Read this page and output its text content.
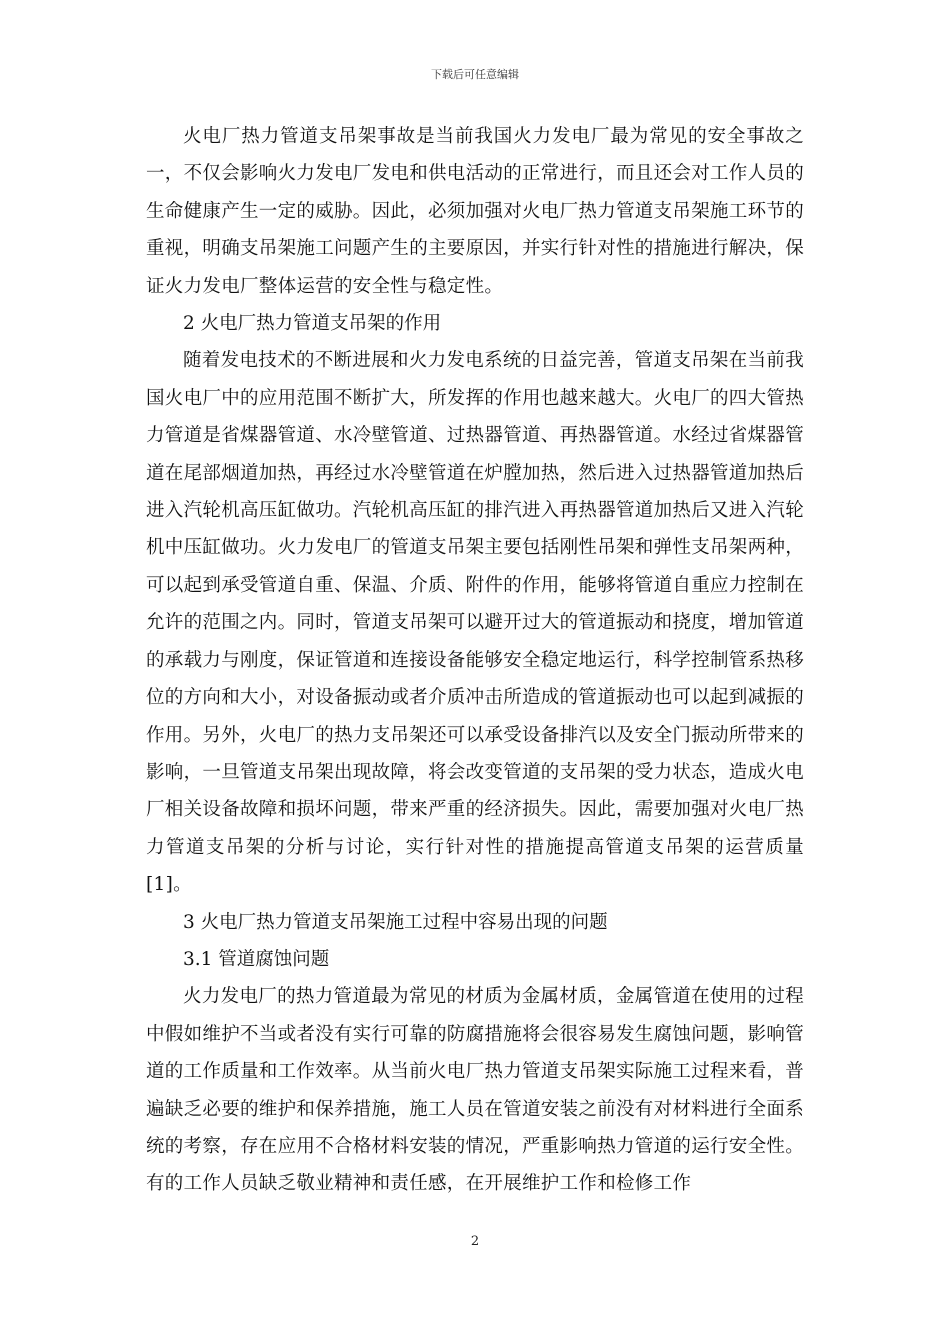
下载后可任意编辑

火电厂热力管道支吊架事故是当前我国火力发电厂最为常见的安全事故之一，不仅会影响火力发电厂发电和供电活动的正常进行，而且还会对工作人员的生命健康产生一定的威胁。因此，必须加强对火电厂热力管道支吊架施工环节的重视，明确支吊架施工问题产生的主要原因，并实行针对性的措施进行解决，保证火力发电厂整体运营的安全性与稳定性。

2 火电厂热力管道支吊架的作用

随着发电技术的不断进展和火力发电系统的日益完善，管道支吊架在当前我国火电厂中的应用范围不断扩大，所发挥的作用也越来越大。火电厂的四大管热力管道是省煤器管道、水冷壁管道、过热器管道、再热器管道。水经过省煤器管道在尾部烟道加热，再经过水冷壁管道在炉膛加热，然后进入过热器管道加热后进入汽轮机高压缸做功。汽轮机高压缸的排汽进入再热器管道加热后又进入汽轮机中压缸做功。火力发电厂的管道支吊架主要包括刚性吊架和弹性支吊架两种，可以起到承受管道自重、保温、介质、附件的作用，能够将管道自重应力控制在允许的范围之内。同时，管道支吊架可以避开过大的管道振动和挠度，增加管道的承载力与刚度，保证管道和连接设备能够安全稳定地运行，科学控制管系热移位的方向和大小，对设备振动或者介质冲击所造成的管道振动也可以起到减振的作用。另外，火电厂的热力支吊架还可以承受设备排汽以及安全门振动所带来的影响，一旦管道支吊架出现故障，将会改变管道的支吊架的受力状态，造成火电厂相关设备故障和损坏问题，带来严重的经济损失。因此，需要加强对火电厂热力管道支吊架的分析与讨论，实行针对性的措施提高管道支吊架的运营质量[1]。

3 火电厂热力管道支吊架施工过程中容易出现的问题

3.1 管道腐蚀问题

火力发电厂的热力管道最为常见的材质为金属材质，金属管道在使用的过程中假如维护不当或者没有实行可靠的防腐措施将会很容易发生腐蚀问题，影响管道的工作质量和工作效率。从当前火电厂热力管道支吊架实际施工过程来看，普遍缺乏必要的维护和保养措施，施工人员在管道安装之前没有对材料进行全面系统的考察，存在应用不合格材料安装的情况，严重影响热力管道的运行安全性。有的工作人员缺乏敬业精神和责任感，在开展维护工作和检修工作

2
